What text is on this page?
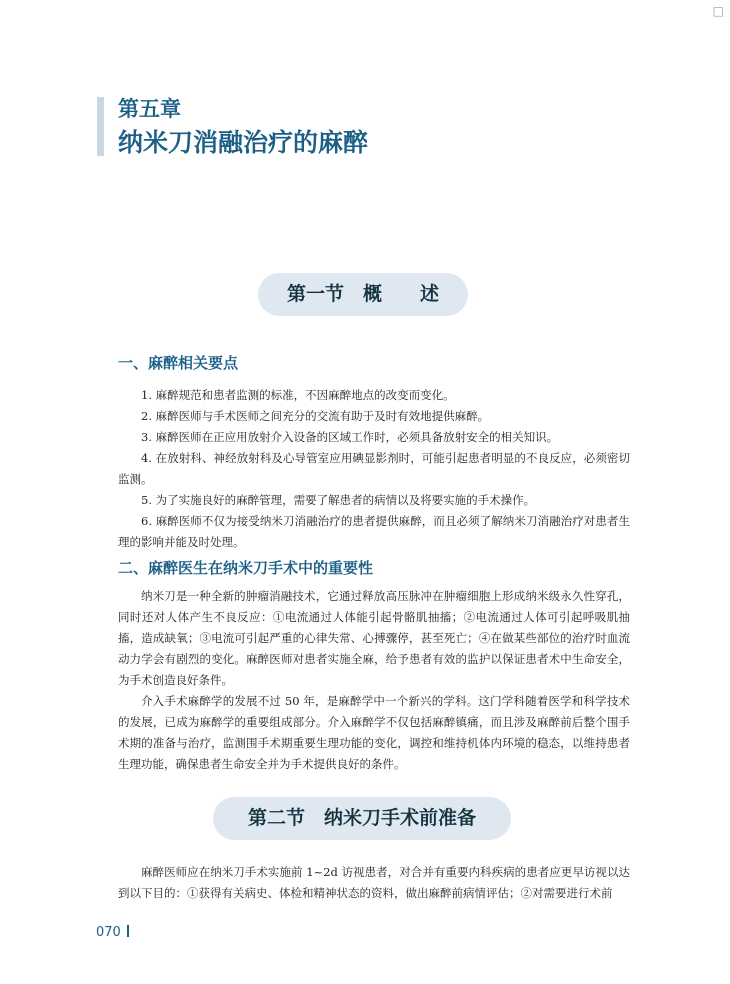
□
第五章
纳米刀消融治疗的麻醉
第一节　概　　述
一、麻醉相关要点

1. 麻醉规范和患者监测的标准，不因麻醉地点的改变而变化。

2. 麻醉医师与手术医师之间充分的交流有助于及时有效地提供麻醉。

3. 麻醉医师在正应用放射介入设备的区域工作时，必须具备放射安全的相关知识。

4. 在放射科、神经放射科及心导管室应用碘显影剂时，可能引起患者明显的不良反应，必须密切监测。

5. 为了实施良好的麻醉管理，需要了解患者的病情以及将要实施的手术操作。

6. 麻醉医师不仅为接受纳米刀消融治疗的患者提供麻醉，而且必须了解纳米刀消融治疗对患者生理的影响并能及时处理。

二、麻醉医生在纳米刀手术中的重要性

纳米刀是一种全新的肿瘤消融技术，它通过释放高压脉冲在肿瘤细胞上形成纳米级永久性穿孔，同时还对人体产生不良反应：①电流通过人体能引起骨骼肌抽搐；②电流通过人体可引起呼吸肌抽搐，造成缺氧；③电流可引起严重的心律失常、心搏骤停，甚至死亡；④在做某些部位的治疗时血流动力学会有剧烈的变化。麻醉医师对患者实施全麻，给予患者有效的监护以保证患者术中生命安全，为手术创造良好条件。

介入手术麻醉学的发展不过 50 年，是麻醉学中一个新兴的学科。这门学科随着医学和科学技术的发展，已成为麻醉学的重要组成部分。介入麻醉学不仅包括麻醉镇痛，而且涉及麻醉前后整个围手术期的准备与治疗，监测围手术期重要生理功能的变化，调控和维持机体内环境的稳态，以维持患者生理功能，确保患者生命安全并为手术提供良好的条件。

第二节　纳米刀手术前准备

麻醉医师应在纳米刀手术实施前 1~2d 访视患者，对合并有重要内科疾病的患者应更早访视以达到以下目的：①获得有关病史、体检和精神状态的资料，做出麻醉前病情评估；②对需要进行术前

070
